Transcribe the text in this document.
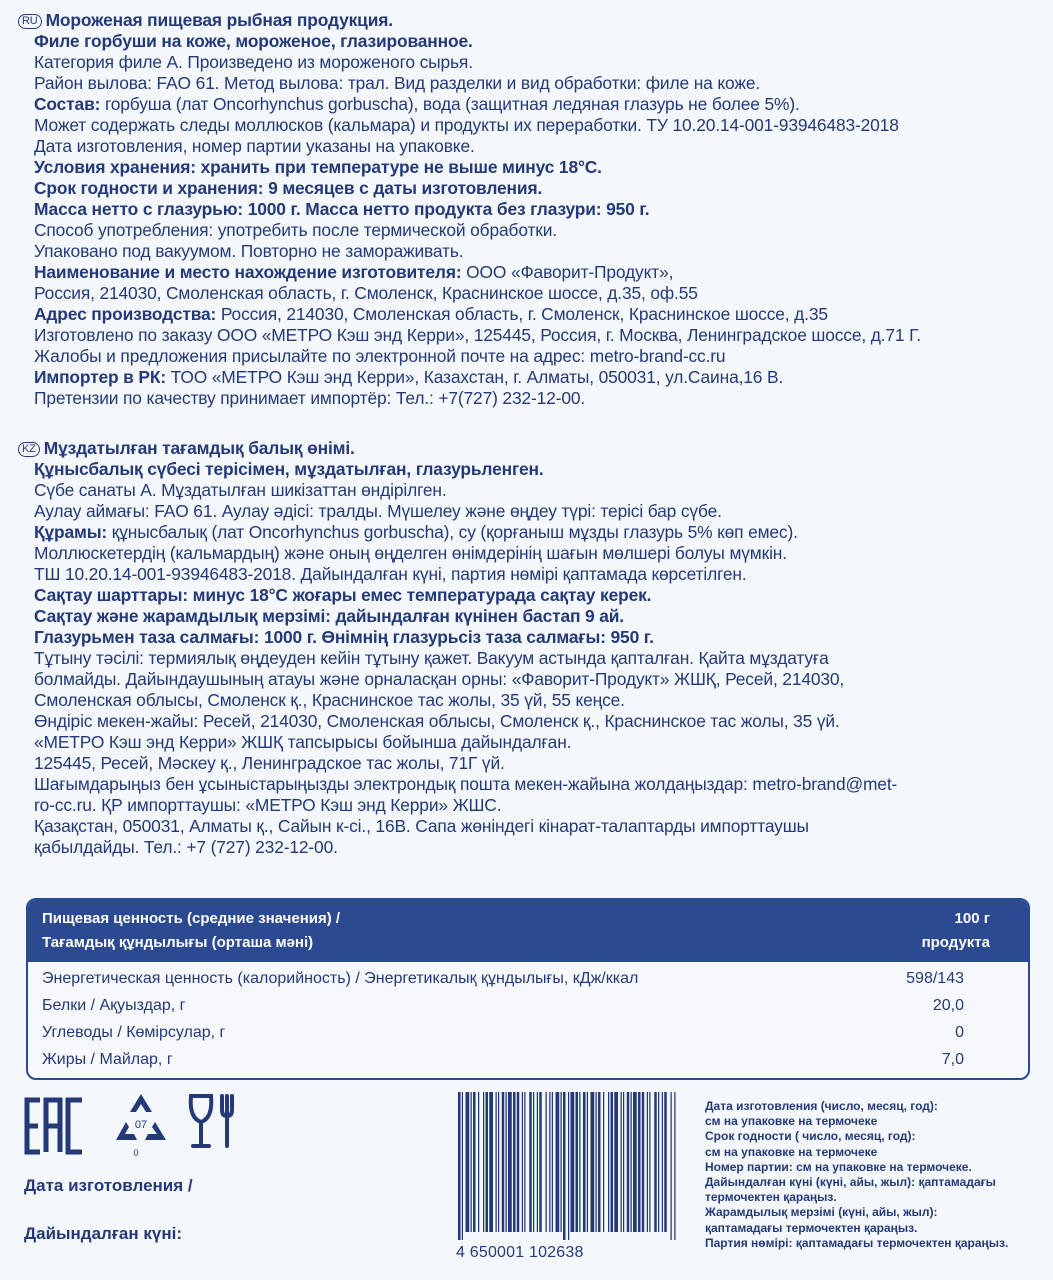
RU Мороженая пищевая рыбная продукция.
Филе горбуши на коже, мороженое, глазированное.
Категория филе А. Произведено из мороженого сырья.
Район вылова: FAO 61. Метод вылова: трал. Вид разделки и вид обработки: филе на коже.
Состав: горбуша (лат Oncorhynchus gorbuscha), вода (защитная ледяная глазурь не более 5%).
Может содержать следы моллюсков (кальмара) и продукты их переработки. ТУ 10.20.14-001-93946483-2018
Дата изготовления, номер партии указаны на упаковке.
Условия хранения: хранить при температуре не выше минус 18°С.
Срок годности и хранения: 9 месяцев с даты изготовления.
Масса нетто с глазурью: 1000 г. Масса нетто продукта без глазури: 950 г.
Способ употребления: употребить после термической обработки.
Упаковано под вакуумом. Повторно не замораживать.
Наименование и место нахождение изготовителя: ООО «Фаворит-Продукт»,
Россия, 214030, Смоленская область, г. Смоленск, Краснинское шоссе, д.35, оф.55
Адрес производства: Россия, 214030, Смоленская область, г. Смоленск, Краснинское шоссе, д.35
Изготовлено по заказу ООО «МЕТРО Кэш энд Керри», 125445, Россия, г. Москва, Ленинградское шоссе, д.71 Г.
Жалобы и предложения присылайте по электронной почте на адрес: metro-brand-cc.ru
Импортер в РК: ТОО «МЕТРО Кэш энд Керри», Казахстан, г. Алматы, 050031, ул.Саина,16 В.
Претензии по качеству принимает импортёр: Тел.: +7(727) 232-12-00.
KZ Мұздатылған тағамдық балық өнімі.
Құнысбалық сүбесі терісімен, мұздатылған, глазурьленген.
Сүбе санаты А. Мұздатылған шикізаттан өндірілген.
Аулау аймағы: FAO 61. Аулау әдісі: тралды. Мүшелеу және өңдеу түрі: терісі бар сүбе.
Құрамы: құнысбалық (лат Oncorhynchus gorbuscha), су (қорғаныш мұзды глазурь 5% көп емес).
Моллюскетердің (кальмардың) және оның өңделген өнімдерінің шағын мөлшері болуы мүмкін.
ТШ 10.20.14-001-93946483-2018. Дайындалған күні, партия нөмірі қаптамада көрсетілген.
Сақтау шарттары: минус 18°С жоғары емес температурада сақтау керек.
Сақтау және жарамдылық мерзімі: дайындалған күнінен бастап 9 ай.
Глазурьмен таза салмағы: 1000 г. Өнімнің глазурьсіз таза салмағы: 950 г.
Тұтыну тәсілі: термиялық өңдеуден кейін тұтыну қажет. Вакуум астында қапталған. Қайта мұздатуға
болмайды. Дайындаушының атауы және орналасқан орны: «Фаворит-Продукт» ЖШҚ, Ресей, 214030,
Смоленская облысы, Смоленск қ., Краснинское тас жолы, 35 үй, 55 кеңсе.
Өндіріс мекен-жайы: Ресей, 214030, Смоленская облысы, Смоленск қ., Краснинское тас жолы, 35 үй.
«МЕТРО Кэш энд Керри» ЖШҚ тапсырысы бойынша дайындалған.
125445, Ресей, Мәскеу қ., Ленинградское тас жолы, 71Г үй.
Шағымдарыңыз бен ұсыныстарыңызды электрондық пошта мекен-жайына жолдаңыздар: metro-brand@met-
ro-cc.ru. ҚР импорттаушы: «МЕТРО Кэш энд Керри» ЖШС.
Қазақстан, 050031, Алматы қ., Сайын к-сі., 16В. Сапа жөніндегі кінарат-талаптарды импорттаушы
қабылдайды. Тел.: +7 (727) 232-12-00.
Пищевая ценность (средние значения) /
Тағамдық құндылығы (орташа мәні)
100 г
продукта
Энергетическая ценность (калорийность) / Энергетикалық құндылығы, кДж/ккал	598/143
Белки / Ақуыздар, г	20,0
Углеводы / Көмірсулар, г	0
Жиры / Майлар, г	7,0
07
0
Дата изготовления /
Дайындалған күні:
4 650001 102638
Дата изготовления (число, месяц, год):
см на упаковке на термочеке
Срок годности ( число, месяц, год):
см на упаковке на термочеке
Номер партии: см на упаковке на термочеке.
Дайындалған күні (күні, айы, жыл): қаптамадағы
термочектен қараңыз.
Жарамдылық мерзімі (күні, айы, жыл):
қаптамадағы термочектен қараңыз.
Партия нөмірі: қаптамадағы термочектен қараңыз.
